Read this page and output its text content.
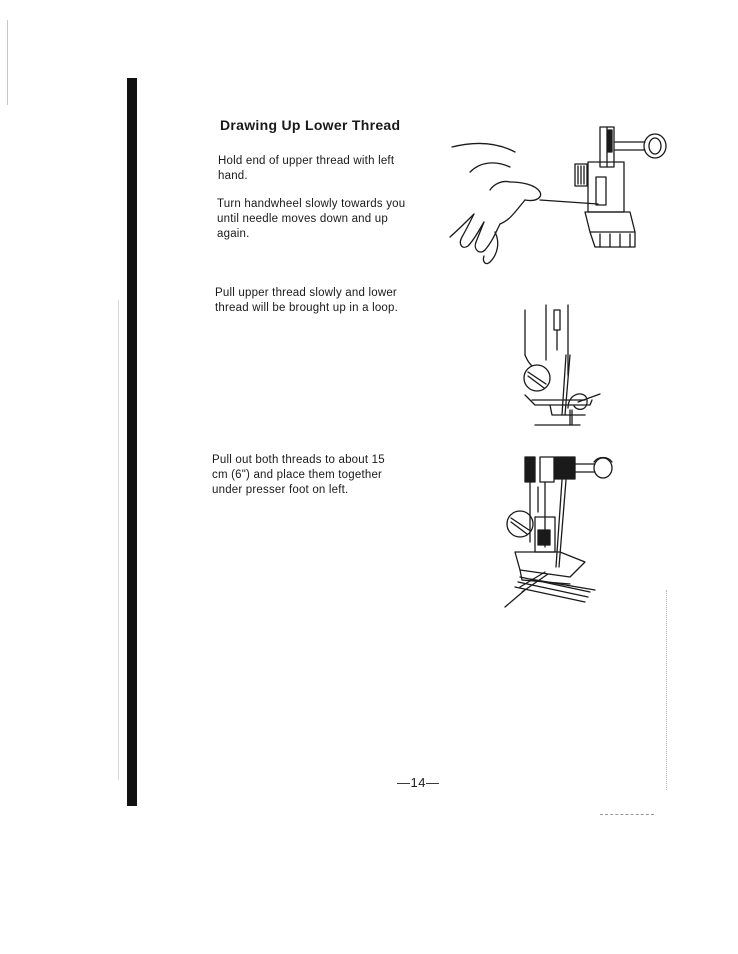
Drawing Up Lower Thread

Hold end of upper thread with left hand.

Turn handwheel slowly towards you until needle moves down and up again.

Pull upper thread slowly and lower thread will be brought up in a loop.

Pull out both threads to about 15 cm (6") and place them together under presser foot on left.

—14—
